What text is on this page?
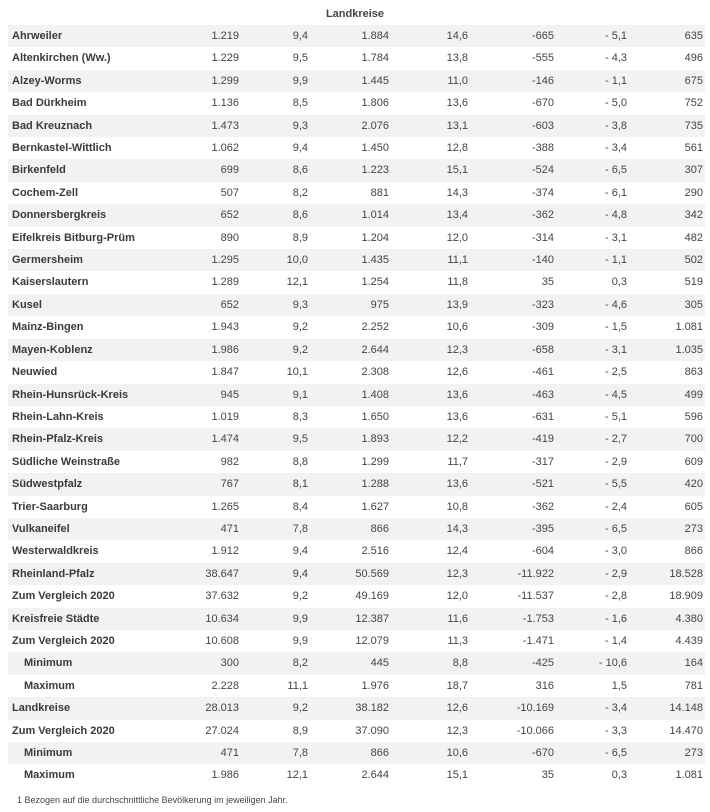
Landkreise
Ahrweiler	1.219	9,4	1.884	14,6	-665	- 5,1	635
Altenkirchen (Ww.)	1.229	9,5	1.784	13,8	-555	- 4,3	496
Alzey-Worms	1.299	9,9	1.445	11,0	-146	- 1,1	675
Bad Dürkheim	1.136	8,5	1.806	13,6	-670	- 5,0	752
Bad Kreuznach	1.473	9,3	2.076	13,1	-603	- 3,8	735
Bernkastel-Wittlich	1.062	9,4	1.450	12,8	-388	- 3,4	561
Birkenfeld	699	8,6	1.223	15,1	-524	- 6,5	307
Cochem-Zell	507	8,2	881	14,3	-374	- 6,1	290
Donnersbergkreis	652	8,6	1.014	13,4	-362	- 4,8	342
Eifelkreis Bitburg-Prüm	890	8,9	1.204	12,0	-314	- 3,1	482
Germersheim	1.295	10,0	1.435	11,1	-140	- 1,1	502
Kaiserslautern	1.289	12,1	1.254	11,8	35	0,3	519
Kusel	652	9,3	975	13,9	-323	- 4,6	305
Mainz-Bingen	1.943	9,2	2.252	10,6	-309	- 1,5	1.081
Mayen-Koblenz	1.986	9,2	2.644	12,3	-658	- 3,1	1.035
Neuwied	1.847	10,1	2.308	12,6	-461	- 2,5	863
Rhein-Hunsrück-Kreis	945	9,1	1.408	13,6	-463	- 4,5	499
Rhein-Lahn-Kreis	1.019	8,3	1.650	13,6	-631	- 5,1	596
Rhein-Pfalz-Kreis	1.474	9,5	1.893	12,2	-419	- 2,7	700
Südliche Weinstraße	982	8,8	1.299	11,7	-317	- 2,9	609
Südwestpfalz	767	8,1	1.288	13,6	-521	- 5,5	420
Trier-Saarburg	1.265	8,4	1.627	10,8	-362	- 2,4	605
Vulkaneifel	471	7,8	866	14,3	-395	- 6,5	273
Westerwaldkreis	1.912	9,4	2.516	12,4	-604	- 3,0	866
Rheinland-Pfalz	38.647	9,4	50.569	12,3	-11.922	- 2,9	18.528
Zum Vergleich 2020	37.632	9,2	49.169	12,0	-11.537	- 2,8	18.909
Kreisfreie Städte	10.634	9,9	12.387	11,6	-1.753	- 1,6	4.380
Zum Vergleich 2020	10.608	9,9	12.079	11,3	-1.471	- 1,4	4.439
Minimum	300	8,2	445	8,8	-425	- 10,6	164
Maximum	2.228	11,1	1.976	18,7	316	1,5	781
Landkreise	28.013	9,2	38.182	12,6	-10.169	- 3,4	14.148
Zum Vergleich 2020	27.024	8,9	37.090	12,3	-10.066	- 3,3	14.470
Minimum	471	7,8	866	10,6	-670	- 6,5	273
Maximum	1.986	12,1	2.644	15,1	35	0,3	1.081
1 Bezogen auf die durchschnittliche Bevölkerung im jeweiligen Jahr.
